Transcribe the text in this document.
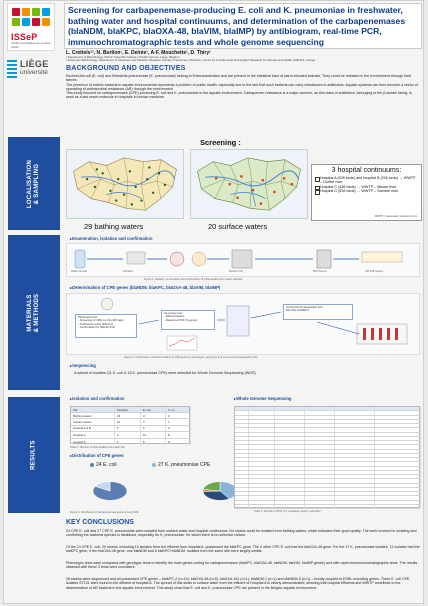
ISSeP
Institut scientifique de service public
LIÈGE
université
Screening for carbapenemase-producing E. coli and K. pneumoniae in freshwater, bathing water and hospital continuums, and determination of the carbapenemases (blaNDM, blaKPC, blaOXA-48, blaVIM, blaIMP) by antibiogram, real-time PCR, immunochromatographic tests and whole genome sequencing
L. Crettels¹², N. Burlion¹, E. Delrée¹, A-F. Mouchette¹, D. Thiry²
¹ Department of Microbiology, ISSeP, Scientific Institute of Public Service, Liège, Belgium
² Veterinary Bacteriology, Department of Infectious and Parasitic Diseases, Faculty of Veterinary Medicine, Centre for Fundamental and Applied Research for Animals and Health (FARAH), ULiège
BACKGROUND AND OBJECTIVES
Escherichia coli (E. coli) and Klebsiella pneumoniae (K. pneumoniae) belong to Enterobacterales and are present in the intestinal tract of warm-blooded animals. They could be released in the environment through their faeces.
The presence of enteric bacteria in aquatic environments represents a problem of public health, especially due to the fact that such bacteria can carry resistances to antibiotics. Aquatic systems can then become a vector of spreading of antimicrobial resistance (AR) through the environment.
This study focused on carbapenemase (CPE)-producing E. coli and K. pneumoniae in the aquatic environment. Carbapenem resistance is a major concern, as this class of antibiotics, belonging to the β-lactam family, is used as a last resort molecule in hospitals in human medicine.
LOCALISATION
& SAMPLING
MATERIALS
& METHODS
RESULTS
Screening :
29 bathing waters	20 surface waters
3 hospital continuums:
Hospital A (635 beds) and hospital B (226 beds) → WWTP – Ourthe river
Hospital C (436 beds) → WWTP – Meuse river
Hospital D (539 beds) → WWTP – Sambre river
WWTP = wastewater treatment plant
▸ Enumeration, isolation and confirmation
Water sample	Filtration	MALDI-TOF	BD Phoenix	API 20E Galaxy
Figure 1: Isolation, enumeration and confirmation of CPE-isolates from water samples
▸ Determination of CPE genes (blaNDM, blaKPC, blaOXA-48, blaVIM, blaIMP)
Phenotypic test :
- Screening of CPE on chromID agar
- Antibiogram (disc diffusion)
- Confirmation by MALDI-TOF
Genotypic test :
- DNA extraction
- Real-time PCR (5 genes)
Immunochromatographic test :
NG-Test CARBA 5
Figure 2: Confirmation and determination of CPE genes by phenotypic, genotypic and immunochromatographic tests
▸ Sequencing
A subset of isolates (11 E. coli & 15 K. pneumoniae CPE) were selected for Whole Genome Sequencing (WGS)
▸ Isolation and confirmation
Site	Samples	E. coli	K. pn.
Bathing waters	29	0	0
Surface waters	20	0	1
Hospital A & B	6	6	9
Hospital C	6	10	8
Hospital D	6	8	9
Table 1: Number of CPE-isolates from each site
▸ Distribution of CPE genes
24 E. coli	27 K. pneumoniae CPE
Figure 3: Distribution of carbapenemase genes among CPE
▸ Whole Genome Sequencing
Table 2: Results of WGS (ST, resistance genes, plasmids)
KEY CONCLUSIONS
24 CPE E. coli and 27 CPE K. pneumoniae were isolated from surface water and hospital continuums. No strains could be isolated from bathing waters, which indicates their good quality. The work involved in isolating and confirming the bacterial species is fastidious, especially for K. pneumoniae, for which there is no selective culture.
Of the 24 CPE E. coli, 20 strains, including 15 isolates from the effluent from hospital A, possessed the blaKPC gene. The 4 other CPE E. coli had the blaOXA-48 gene. For the 27 K. pneumoniae isolates, 11 isolates had the blaKPC gene, 9 the blaOXA-48 gene, one blaNDM and 6 blaKPC+blaNDM. Isolates from the same site were largely similar.
Phenotypic tests were compared with genotypic tests to identify the main genes coding for carbapenemases (blaKPC, blaOXA-48, blaNDM, blaVIM, blaIMP genes) and with rapid immunochromatographic tests. The results obtained with these 3 tests were consistent.
26 strains were sequenced and all possessed CPE genes – blaKPC-2 (n=14), blaOXA-48 (n=9), blaOXA-181 (n=1), blaNDM-1 (n=1) and blaNDM-5 (n=1) – mostly coupled to ESBL-encoding genes. Three E. coli CPE isolates ST131 were found in the effluent of hospital A. The spread of this strain in surface water from the effluent of Hospital A is clearly demonstrated, showing that hospital effluents and WWTP contribute to the dissemination of AR bacteria in the aquatic environment. This study show that E. coli and K. pneumoniae CPE are present in the Belgian aquatic environment.
